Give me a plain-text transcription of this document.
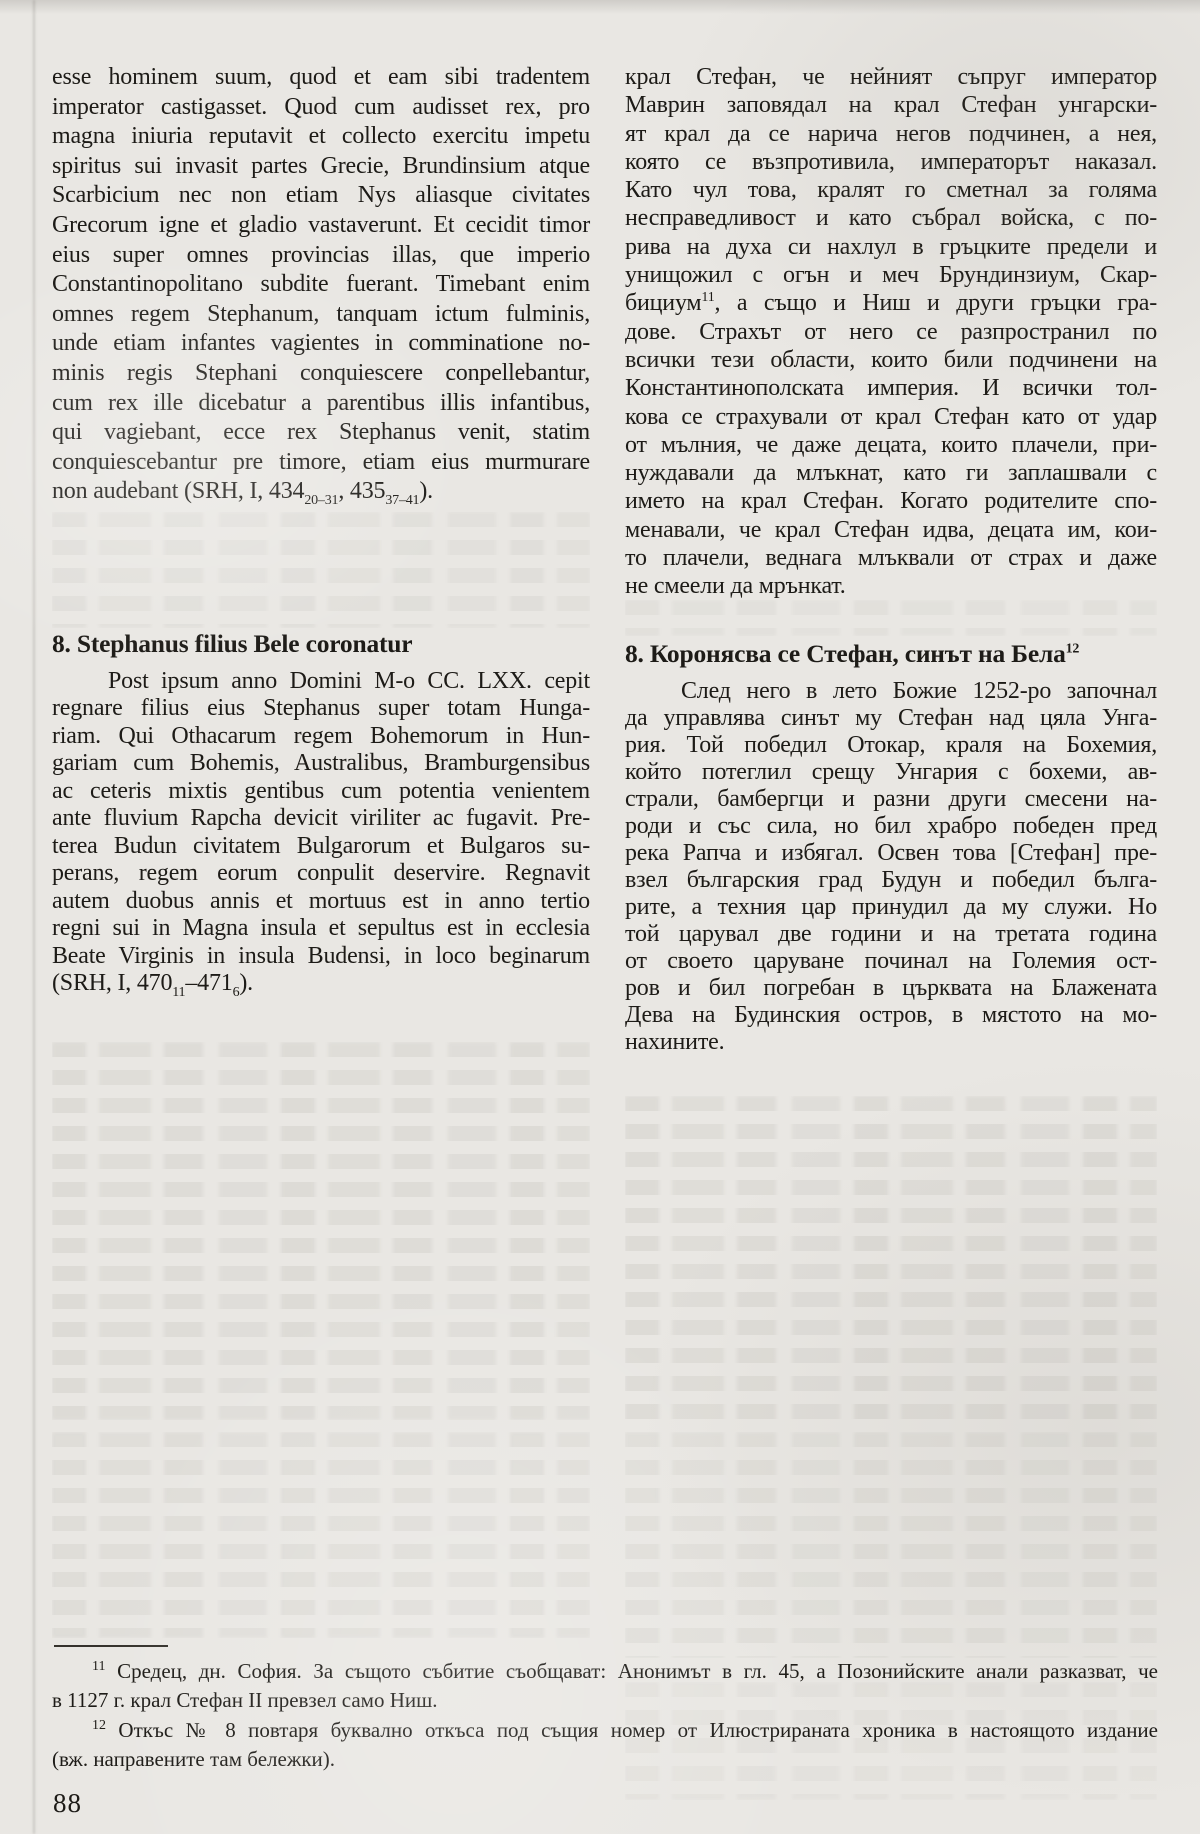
esse hominem suum, quod et eam sibi tradentem
imperator castigasset. Quod cum audisset rex, pro
magna iniuria reputavit et collecto exercitu impetu
spiritus sui invasit partes Grecie, Brundinsium atque
Scarbicium nec non etiam Nys aliasque civitates
Grecorum igne et gladio vastaverunt. Et cecidit timor
eius super omnes provincias illas, que imperio
Constantinopolitano subdite fuerant. Timebant enim
omnes regem Stephanum, tanquam ictum fulminis,
unde etiam infantes vagientes in comminatione no-
minis regis Stephani conquiescere conpellebantur,
cum rex ille dicebatur a parentibus illis infantibus,
qui vagiebant, ecce rex Stephanus venit, statim
conquiescebantur pre timore, etiam eius murmurare
non audebant (SRH, I, $434_{20-31}$, $435_{37-41}$).
8. Stephanus filius Bele coronatur
Post ipsum anno Domini M-o CC. LXX. cepit
regnare filius eius Stephanus super totam Hunga-
riam. Qui Othacarum regem Bohemorum in Hun-
gariam cum Bohemis, Australibus, Bramburgensibus
ac ceteris mixtis gentibus cum potentia venientem
ante fluvium Rapcha devicit viriliter ac fugavit. Pre-
terea Budun civitatem Bulgarorum et Bulgaros su-
perans, regem eorum conpulit deservire. Regnavit
autem duobus annis et mortuus est in anno tertio
regni sui in Magna insula et sepultus est in ecclesia
Beate Virginis in insula Budensi, in loco beginarum
(SRH, I, $470_{11}-471_6$).
крал Стефан, че нейният съпруг император
Маврин заповядал на крал Стефан унгарски-
ят крал да се нарича негов подчинен, а нея,
която се възпротивила, императорът наказал.
Като чул това, кралят го сметнал за голяма
несправедливост и като събрал войска, с по-
рива на духа си нахлул в гръцките предели и
унищожил с огън и меч Брундинзиум, Скар-
бициум$^{11}$, а също и Ниш и други гръцки гра-
дове. Страхът от него се разпространил по
всички тези области, които били подчинени на
Константинополската империя. И всички тол-
кова се страхували от крал Стефан като от удар
от мълния, че даже децата, които плачели, при-
нуждавали да млъкнат, като ги заплашвали с
името на крал Стефан. Когато родителите спо-
менавали, че крал Стефан идва, децата им, кои-
то плачели, веднага млъквали от страх и даже
не смеели да мрънкат.
8. Коронясва се Стефан, синът на Бела$^{12}$
След него в лето Божие 1252-ро започнал
да управлява синът му Стефан над цяла Унга-
рия. Той победил Отокар, краля на Бохемия,
който потеглил срещу Унгария с бохеми, ав-
страли, бамбергци и разни други смесени на-
роди и със сила, но бил храбро победен пред
река Рапча и избягал. Освен това [Стефан] пре-
взел българския град Будун и победил бълга-
рите, а техния цар принудил да му служи. Но
той царувал две години и на третата година
от своето царуване починал на Големия ост-
ров и бил погребан в църквата на Блажената
Дева на Будинския остров, в мястото на мо-
нахините.
$^{11}$ Средец, дн. София. За същото събитие съобщават: Анонимът в гл. 45, а Позонийските анали разказват, че
в 1127 г. крал Стефан II превзел само Ниш.
$^{12}$ Откъс № 8 повтаря буквално откъса под същия номер от Илюстрираната хроника в настоящото издание
(вж. направените там бележки).
88
